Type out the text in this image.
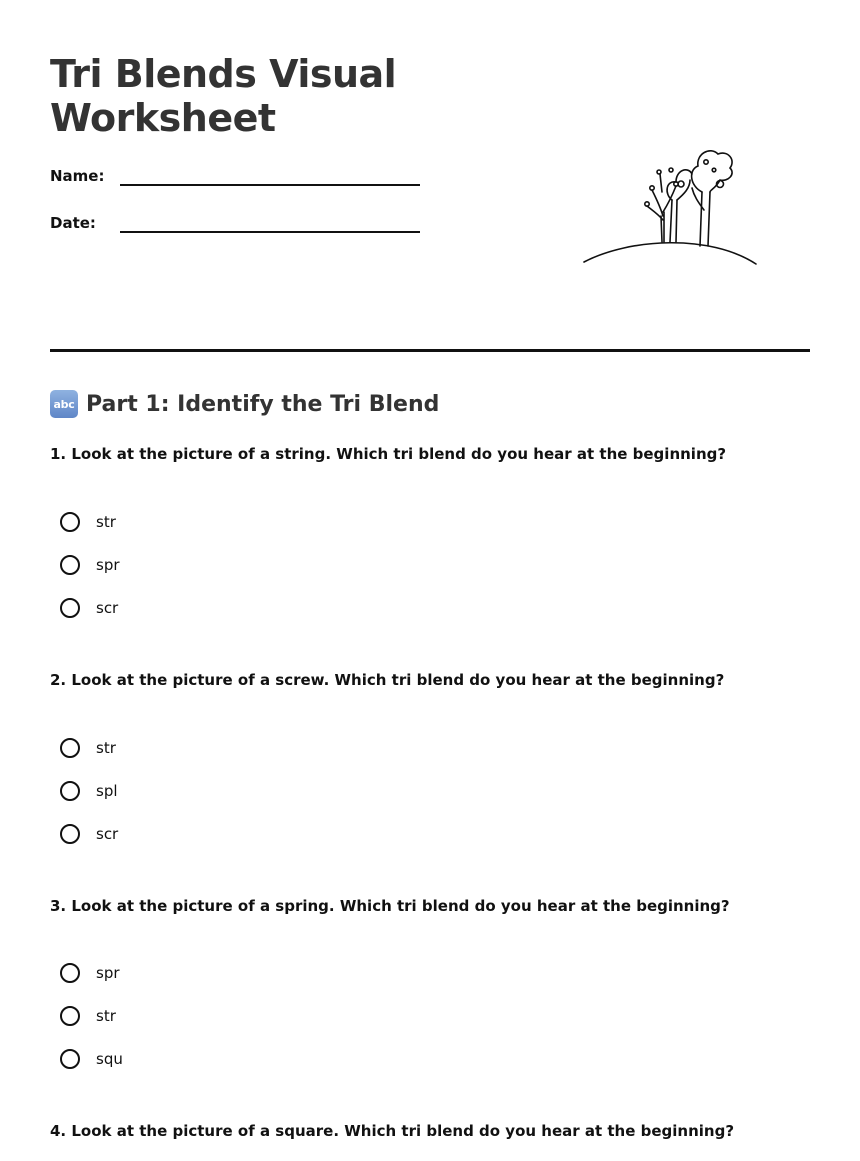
Tri Blends Visual
Worksheet
Name:
Date:
abc Part 1: Identify the Tri Blend

1. Look at the picture of a string. Which tri blend do you hear at the beginning?

str
spr
scr

2. Look at the picture of a screw. Which tri blend do you hear at the beginning?

str
spl
scr

3. Look at the picture of a spring. Which tri blend do you hear at the beginning?

spr
str
squ

4. Look at the picture of a square. Which tri blend do you hear at the beginning?
